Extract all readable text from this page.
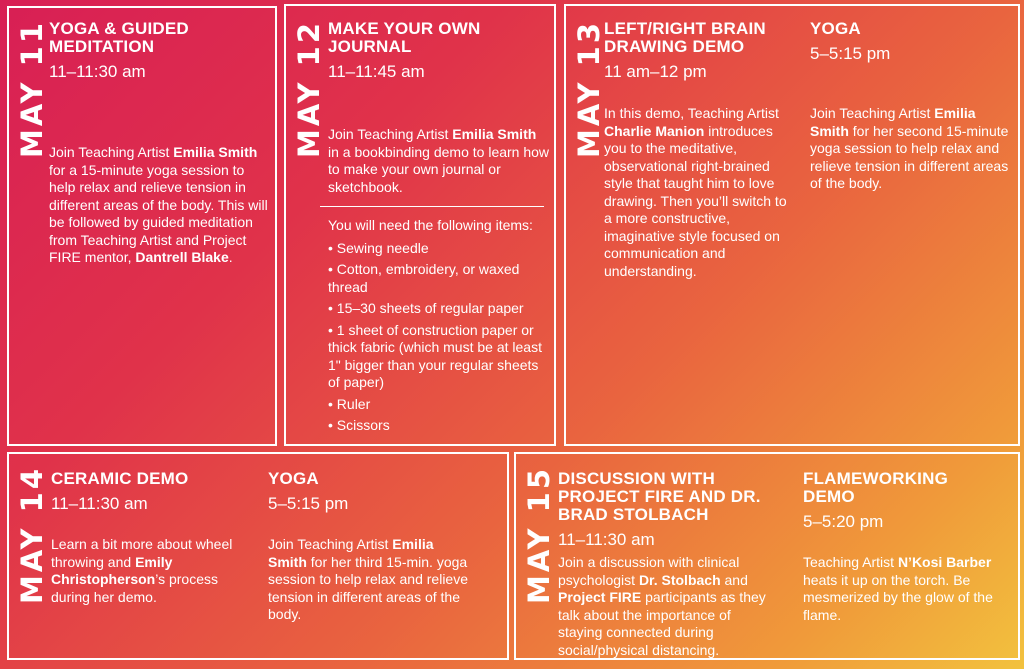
MAY 11 YOGA & GUIDED MEDITATION
11–11:30 am
Join Teaching Artist Emilia Smith for a 15-minute yoga session to help relax and relieve tension in different areas of the body. This will be followed by guided meditation from Teaching Artist and Project FIRE mentor, Dantrell Blake.
MAY 12 MAKE YOUR OWN JOURNAL
11–11:45 am
Join Teaching Artist Emilia Smith in a bookbinding demo to learn how to make your own journal or sketchbook.
You will need the following items:
• Sewing needle
• Cotton, embroidery, or waxed thread
• 15–30 sheets of regular paper
• 1 sheet of construction paper or thick fabric (which must be at least 1" bigger than your regular sheets of paper)
• Ruler
• Scissors
MAY 13
LEFT/RIGHT BRAIN DRAWING DEMO
11 am–12 pm
In this demo, Teaching Artist Charlie Manion introduces you to the meditative, observational right-brained style that taught him to love drawing. Then you’ll switch to a more constructive, imaginative style focused on communication and understanding.
YOGA
5–5:15 pm
Join Teaching Artist Emilia Smith for her second 15-minute yoga session to help relax and relieve tension in different areas of the body.
MAY 14 CERAMIC DEMO
11–11:30 am
Learn a bit more about wheel throwing and Emily Christopherson’s process during her demo.
YOGA
5–5:15 pm
Join Teaching Artist Emilia Smith for her third 15-min. yoga session to help relax and relieve tension in different areas of the body.
MAY 15 DISCUSSION WITH PROJECT FIRE AND DR. BRAD STOLBACH
11–11:30 am
Join a discussion with clinical psychologist Dr. Stolbach and Project FIRE participants as they talk about the importance of staying connected during social/physical distancing.
FLAMEWORKING DEMO
5–5:20 pm
Teaching Artist N’Kosi Barber heats it up on the torch. Be mesmerized by the glow of the flame.
